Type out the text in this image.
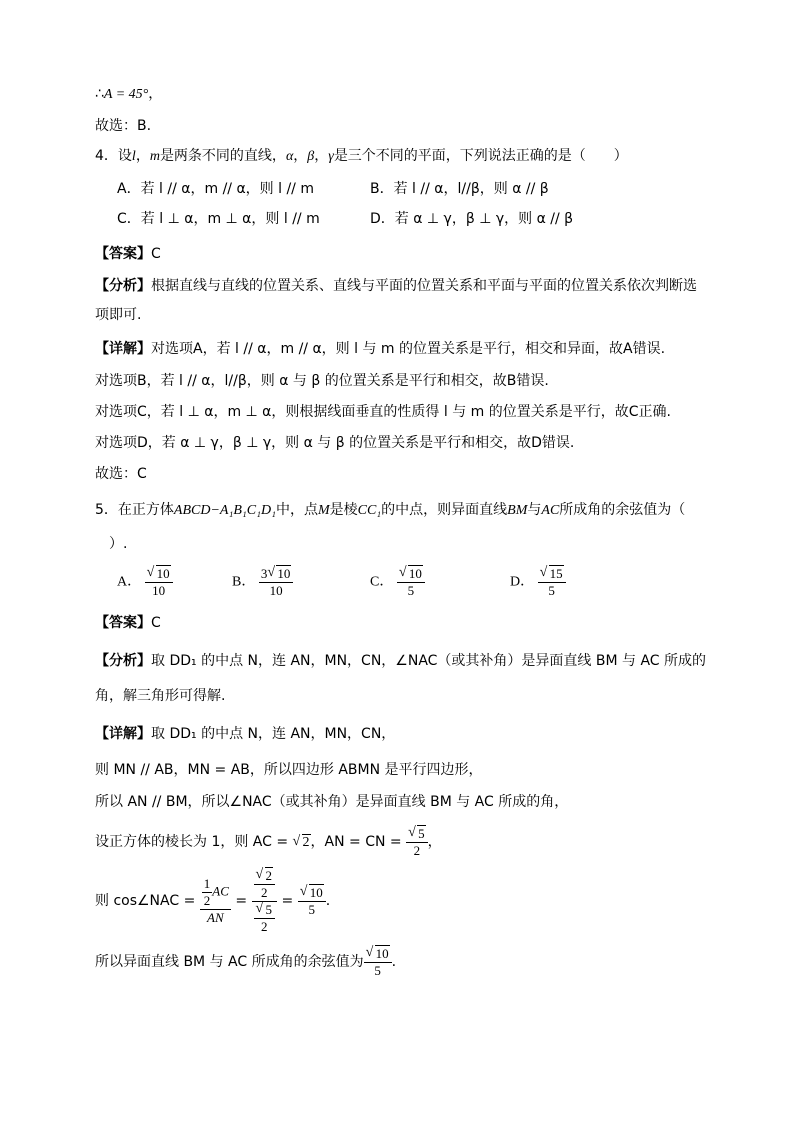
∴A = 45°，
故选：B.
4．设l，m是两条不同的直线，α，β，γ是三个不同的平面，下列说法正确的是（　　）
A．若 l // α，m // α，则 l // m	B．若 l // α，l//β，则 α // β
C．若 l ⊥ α，m ⊥ α，则 l // m	D．若 α ⊥ γ，β ⊥ γ，则 α // β
【答案】C
【分析】根据直线与直线的位置关系、直线与平面的位置关系和平面与平面的位置关系依次判断选
项即可.
【详解】对选项A，若 l // α，m // α，则 l 与 m 的位置关系是平行，相交和异面，故A错误.
对选项B，若 l // α，l//β，则 α 与 β 的位置关系是平行和相交，故B错误.
对选项C，若 l ⊥ α，m ⊥ α，则根据线面垂直的性质得 l 与 m 的位置关系是平行，故C正确.
对选项D，若 α ⊥ γ，β ⊥ γ，则 α 与 β 的位置关系是平行和相交，故D错误.
故选：C
5．在正方体ABCD−A₁B₁C₁D₁中，点M是棱CC₁的中点，则异面直线BM与AC所成角的余弦值为（
　）.
A． √ $\frac{10}{10}$	B． $\frac{3 √ 10}{10}$	C． √ $\frac{10}{5}$	D． √ $\frac{15}{5}$
【答案】C
【分析】取 DD₁ 的中点 N，连 AN，MN，CN，∠NAC（或其补角）是异面直线 BM 与 AC 所成的
角，解三角形可得解.
【详解】取 DD₁ 的中点 N，连 AN，MN，CN，
则 MN // AB，MN = AB，所以四边形 ABMN 是平行四边形，
所以 AN // BM，所以∠NAC（或其补角）是异面直线 BM 与 AC 所成的角，
设正方体的棱长为 1，则 AC = √ 2，AN = CN = √ $\frac{5}{2}$ ，
则 cos∠NAC = $\frac{\frac{1}{2} AC}{AN}$ = √ $\frac{2}{2}$
√ $\frac{5}{2}$ = √ $\frac{10}{5}$ .
所以异面直线 BM 与 AC 所成角的余弦值为 √ $\frac{10}{5}$ .
